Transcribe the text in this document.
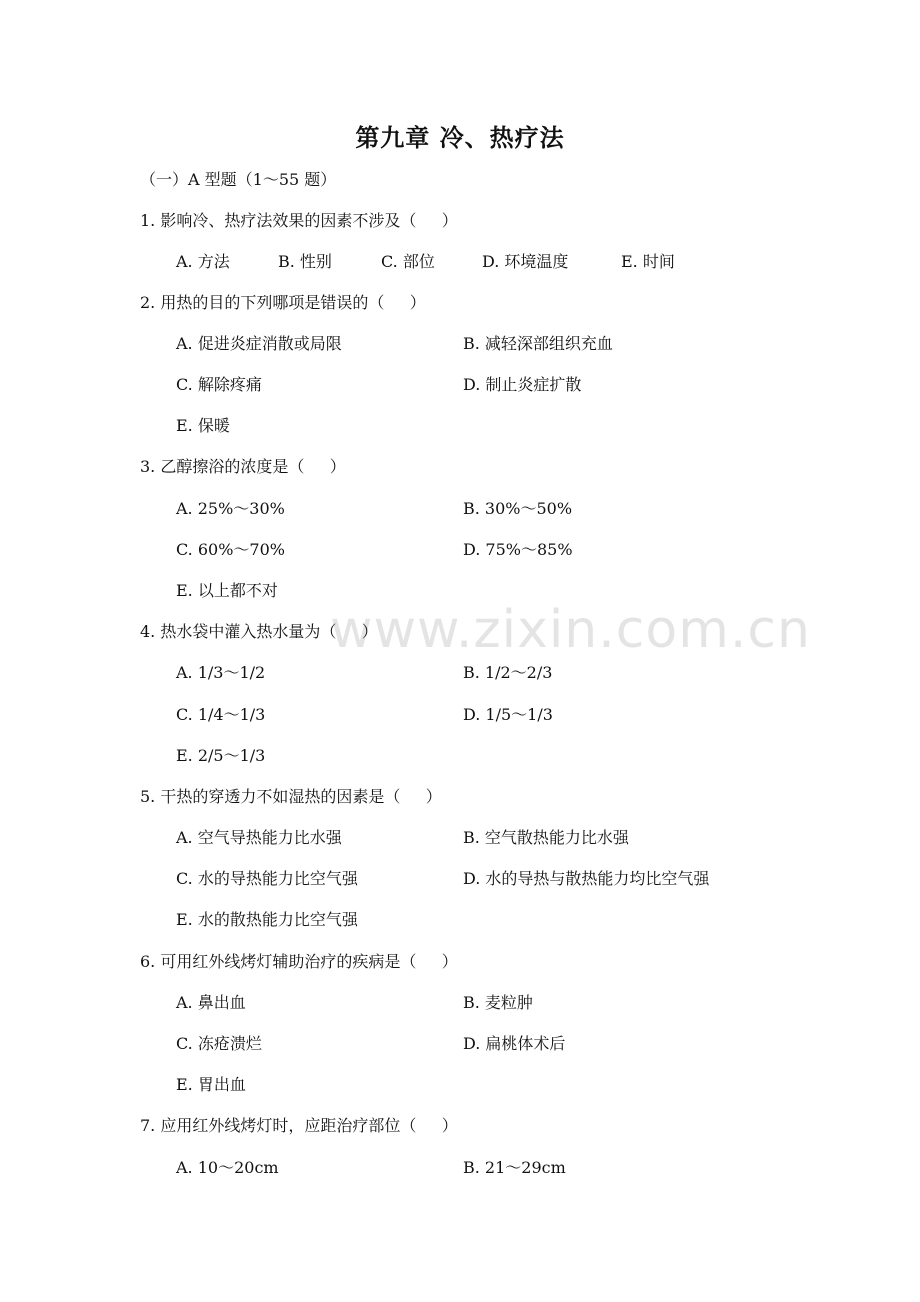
www.zixin.com.cn
第九章 冷、热疗法
（一）A 型题（1～55 题）
1. 影响冷、热疗法效果的因素不涉及（     ）
A. 方法	B. 性别	C. 部位	D. 环境温度	E. 时间
2. 用热的目的下列哪项是错误的（     ）
A. 促进炎症消散或局限	B. 减轻深部组织充血
C. 解除疼痛	D. 制止炎症扩散
E. 保暖
3. 乙醇擦浴的浓度是（     ）
A. 25%～30%	B. 30%～50%
C. 60%～70%	D. 75%～85%
E. 以上都不对
4. 热水袋中灌入热水量为（     ）
A. 1/3～1/2	B. 1/2～2/3
C. 1/4～1/3	D. 1/5～1/3
E. 2/5～1/3
5. 干热的穿透力不如湿热的因素是（     ）
A. 空气导热能力比水强	B. 空气散热能力比水强
C. 水的导热能力比空气强	D. 水的导热与散热能力均比空气强
E. 水的散热能力比空气强
6. 可用红外线烤灯辅助治疗的疾病是（     ）
A. 鼻出血	B. 麦粒肿
C. 冻疮溃烂	D. 扁桃体术后
E. 胃出血
7. 应用红外线烤灯时，应距治疗部位（     ）
A. 10～20cm	B. 21～29cm
